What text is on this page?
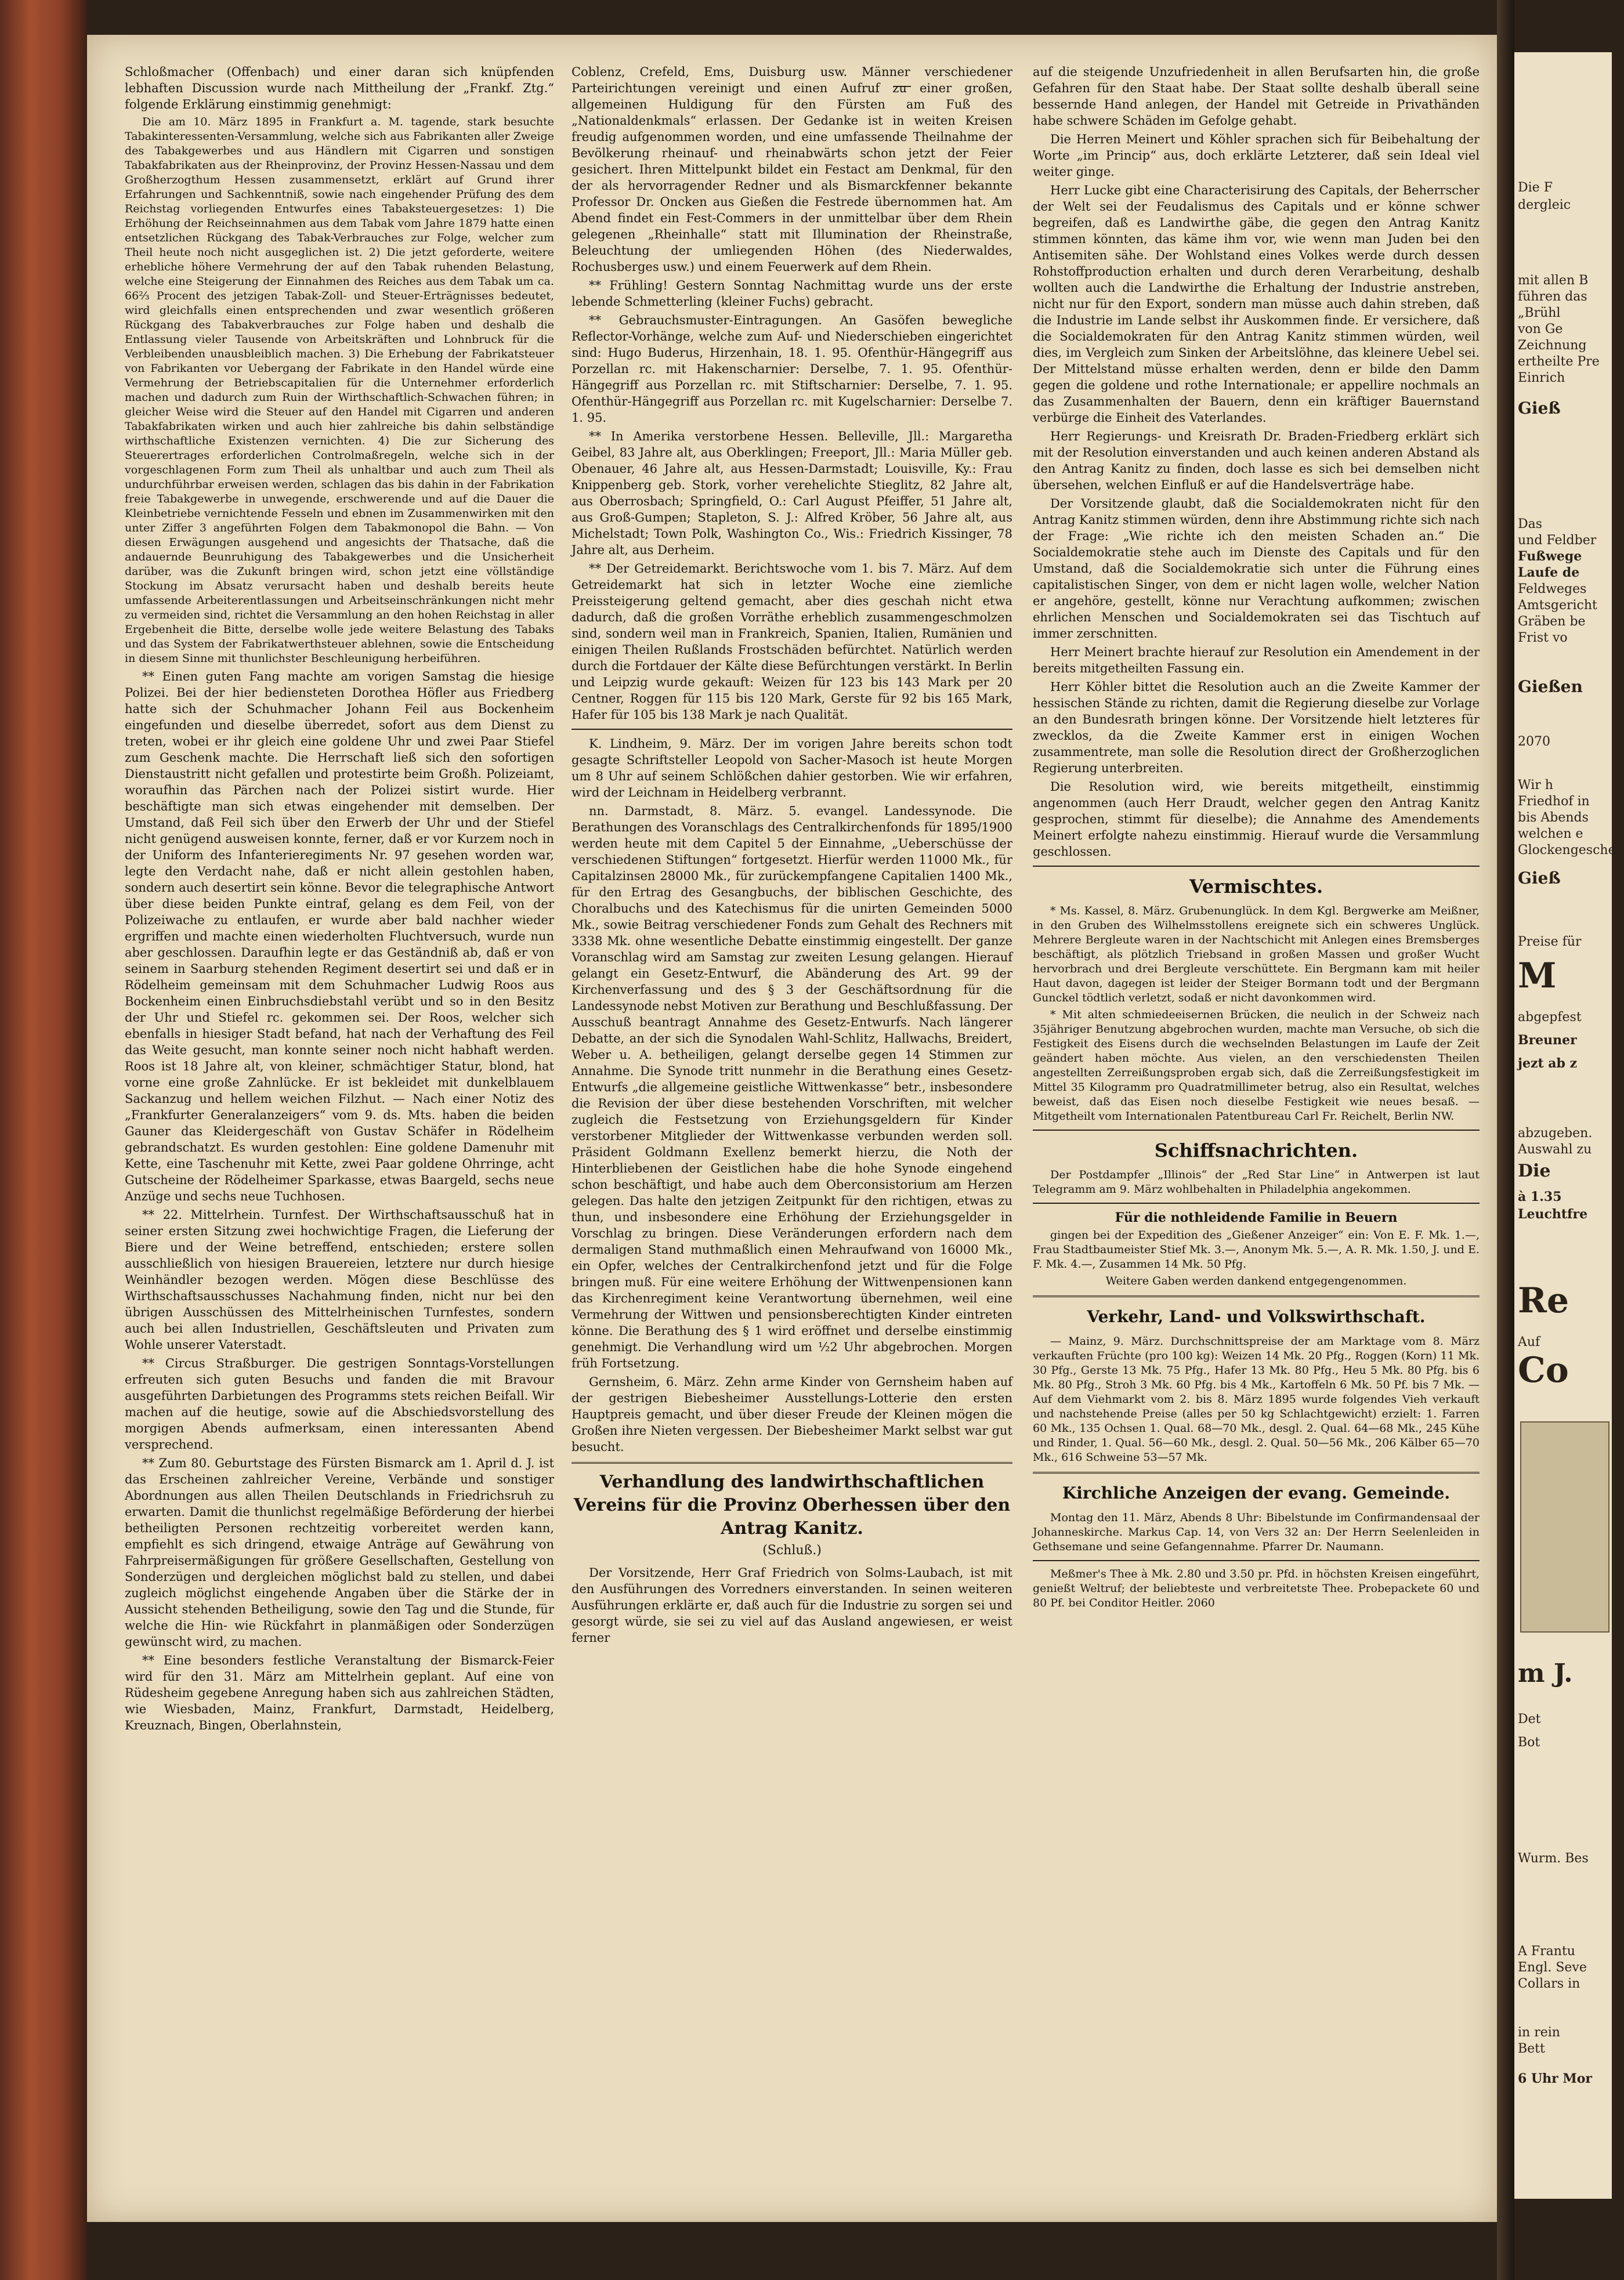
Schloßmacher (Offenbach) und einer daran sich knüpfenden lebhaften Discussion wurde nach Mittheilung der „Frankf. Ztg.“ folgende Erklärung einstimmig genehmigt:

Die am 10. März 1895 in Frankfurt a. M. tagende, stark besuchte Tabakinteressenten-Versammlung, welche sich aus Fabrikanten aller Zweige des Tabakgewerbes und aus Händlern mit Cigarren und sonstigen Tabakfabrikaten aus der Rheinprovinz, der Provinz Hessen-Nassau und dem Großherzogthum Hessen zusammensetzt, erklärt auf Grund ihrer Erfahrungen und Sachkenntniß, sowie nach eingehender Prüfung des dem Reichstag vorliegenden Entwurfes eines Tabaksteuergesetzes: 1) Die Erhöhung der Reichseinnahmen aus dem Tabak vom Jahre 1879 hatte einen entsetzlichen Rückgang des Tabak-Verbrauches zur Folge, welcher zum Theil heute noch nicht ausgeglichen ist. 2) Die jetzt geforderte, weitere erhebliche höhere Vermehrung der auf den Tabak ruhenden Belastung, welche eine Steigerung der Einnahmen des Reiches aus dem Tabak um ca. 66⅔ Procent des jetzigen Tabak-Zoll- und Steuer-Erträgnisses bedeutet, wird gleichfalls einen entsprechenden und zwar wesentlich größeren Rückgang des Tabakverbrauches zur Folge haben und deshalb die Entlassung vieler Tausende von Arbeitskräften und Lohnbruck für die Verbleibenden unausbleiblich machen. 3) Die Erhebung der Fabrikatsteuer von Fabrikanten vor Uebergang der Fabrikate in den Handel würde eine Vermehrung der Betriebscapitalien für die Unternehmer erforderlich machen und dadurch zum Ruin der Wirthschaftlich-Schwachen führen; in gleicher Weise wird die Steuer auf den Handel mit Cigarren und anderen Tabakfabrikaten wirken und auch hier zahlreiche bis dahin selbständige wirthschaftliche Existenzen vernichten. 4) Die zur Sicherung des Steuerertrages erforderlichen Controlmaßregeln, welche sich in der vorgeschlagenen Form zum Theil als unhaltbar und auch zum Theil als undurchführbar erweisen werden, schlagen das bis dahin in der Fabrikation freie Tabakgewerbe in unwegende, erschwerende und auf die Dauer die Kleinbetriebe vernichtende Fesseln und ebnen im Zusammenwirken mit den unter Ziffer 3 angeführten Folgen dem Tabakmonopol die Bahn. — Von diesen Erwägungen ausgehend und angesichts der Thatsache, daß die andauernde Beunruhigung des Tabakgewerbes und die Unsicherheit darüber, was die Zukunft bringen wird, schon jetzt eine völlständige Stockung im Absatz verursacht haben und deshalb bereits heute umfassende Arbeiterentlassungen und Arbeitseinschränkungen nicht mehr zu vermeiden sind, richtet die Versammlung an den hohen Reichstag in aller Ergebenheit die Bitte, derselbe wolle jede weitere Belastung des Tabaks und das System der Fabrikatwerthsteuer ablehnen, sowie die Entscheidung in diesem Sinne mit thunlichster Beschleunigung herbeiführen.

** Einen guten Fang machte am vorigen Samstag die hiesige Polizei. Bei der hier bediensteten Dorothea Höfler aus Friedberg hatte sich der Schuhmacher Johann Feil aus Bockenheim eingefunden und dieselbe überredet, sofort aus dem Dienst zu treten, wobei er ihr gleich eine goldene Uhr und zwei Paar Stiefel zum Geschenk machte. Die Herrschaft ließ sich den sofortigen Dienstaustritt nicht gefallen und protestirte beim Großh. Polizeiamt, woraufhin das Pärchen nach der Polizei sistirt wurde. Hier beschäftigte man sich etwas eingehender mit demselben. Der Umstand, daß Feil sich über den Erwerb der Uhr und der Stiefel nicht genügend ausweisen konnte, ferner, daß er vor Kurzem noch in der Uniform des Infanterieregiments Nr. 97 gesehen worden war, legte den Verdacht nahe, daß er nicht allein gestohlen haben, sondern auch desertirt sein könne. Bevor die telegraphische Antwort über diese beiden Punkte eintraf, gelang es dem Feil, von der Polizeiwache zu entlaufen, er wurde aber bald nachher wieder ergriffen und machte einen wiederholten Fluchtversuch, wurde nun aber geschlossen. Daraufhin legte er das Geständniß ab, daß er von seinem in Saarburg stehenden Regiment desertirt sei und daß er in Rödelheim gemeinsam mit dem Schuhmacher Ludwig Roos aus Bockenheim einen Einbruchsdiebstahl verübt und so in den Besitz der Uhr und Stiefel rc. gekommen sei. Der Roos, welcher sich ebenfalls in hiesiger Stadt befand, hat nach der Verhaftung des Feil das Weite gesucht, man konnte seiner noch nicht habhaft werden. Roos ist 18 Jahre alt, von kleiner, schmächtiger Statur, blond, hat vorne eine große Zahnlücke. Er ist bekleidet mit dunkelblauem Sackanzug und hellem weichen Filzhut. — Nach einer Notiz des „Frankfurter Generalanzeigers“ vom 9. ds. Mts. haben die beiden Gauner das Kleidergeschäft von Gustav Schäfer in Rödelheim gebrandschatzt. Es wurden gestohlen: Eine goldene Damenuhr mit Kette, eine Taschenuhr mit Kette, zwei Paar goldene Ohrringe, acht Gutscheine der Rödelheimer Sparkasse, etwas Baargeld, sechs neue Anzüge und sechs neue Tuchhosen.

** 22. Mittelrhein. Turnfest. Der Wirthschaftsausschuß hat in seiner ersten Sitzung zwei hochwichtige Fragen, die Lieferung der Biere und der Weine betreffend, entschieden; erstere sollen ausschließlich von hiesigen Brauereien, letztere nur durch hiesige Weinhändler bezogen werden. Mögen diese Beschlüsse des Wirthschaftsausschusses Nachahmung finden, nicht nur bei den übrigen Ausschüssen des Mittelrheinischen Turnfestes, sondern auch bei allen Industriellen, Geschäftsleuten und Privaten zum Wohle unserer Vaterstadt.

** Circus Straßburger. Die gestrigen Sonntags-Vorstellungen erfreuten sich guten Besuchs und fanden die mit Bravour ausgeführten Darbietungen des Programms stets reichen Beifall. Wir machen auf die heutige, sowie auf die Abschiedsvorstellung des morgigen Abends aufmerksam, einen interessanten Abend versprechend.

** Zum 80. Geburtstage des Fürsten Bismarck am 1. April d. J. ist das Erscheinen zahlreicher Vereine, Verbände und sonstiger Abordnungen aus allen Theilen Deutschlands in Friedrichsruh zu erwarten. Damit die thunlichst regelmäßige Beförderung der hierbei betheiligten Personen rechtzeitig vorbereitet werden kann, empfiehlt es sich dringend, etwaige Anträge auf Gewährung von Fahrpreisermäßigungen für größere Gesellschaften, Gestellung von Sonderzügen und dergleichen möglichst bald zu stellen, und dabei zugleich möglichst eingehende Angaben über die Stärke der in Aussicht stehenden Betheiligung, sowie den Tag und die Stunde, für welche die Hin- wie Rückfahrt in planmäßigen oder Sonderzügen gewünscht wird, zu machen.

** Eine besonders festliche Veranstaltung der Bismarck-Feier wird für den 31. März am Mittelrhein geplant. Auf eine von Rüdesheim gegebene Anregung haben sich aus zahlreichen Städten, wie Wiesbaden, Mainz, Frankfurt, Darmstadt, Heidelberg, Kreuznach, Bingen, Oberlahnstein,

Coblenz, Crefeld, Ems, Duisburg usw. Männer verschiedener Parteirichtungen vereinigt und einen Aufruf zu einer großen, allgemeinen Huldigung für den Fürsten am Fuß des „Nationaldenkmals“ erlassen. Der Gedanke ist in weiten Kreisen freudig aufgenommen worden, und eine umfassende Theilnahme der Bevölkerung rheinauf- und rheinabwärts schon jetzt der Feier gesichert. Ihren Mittelpunkt bildet ein Festact am Denkmal, für den der als hervorragender Redner und als Bismarckfenner bekannte Professor Dr. Oncken aus Gießen die Festrede übernommen hat. Am Abend findet ein Fest-Commers in der unmittelbar über dem Rhein gelegenen „Rheinhalle“ statt mit Illumination der Rheinstraße, Beleuchtung der umliegenden Höhen (des Niederwaldes, Rochusberges usw.) und einem Feuerwerk auf dem Rhein.

** Frühling! Gestern Sonntag Nachmittag wurde uns der erste lebende Schmetterling (kleiner Fuchs) gebracht.

** Gebrauchsmuster-Eintragungen. An Gasöfen bewegliche Reflector-Vorhänge, welche zum Auf- und Niederschieben eingerichtet sind: Hugo Buderus, Hirzenhain, 18. 1. 95. Ofenthür-Hängegriff aus Porzellan rc. mit Hakenscharnier: Derselbe, 7. 1. 95. Ofenthür-Hängegriff aus Porzellan rc. mit Stiftscharnier: Derselbe, 7. 1. 95. Ofenthür-Hängegriff aus Porzellan rc. mit Kugelscharnier: Derselbe 7. 1. 95.

** In Amerika verstorbene Hessen. Belleville, Jll.: Margaretha Geibel, 83 Jahre alt, aus Oberklingen; Freeport, Jll.: Maria Müller geb. Obenauer, 46 Jahre alt, aus Hessen-Darmstadt; Louisville, Ky.: Frau Knippenberg geb. Stork, vorher verehelichte Stieglitz, 82 Jahre alt, aus Oberrosbach; Springfield, O.: Carl August Pfeiffer, 51 Jahre alt, aus Groß-Gumpen; Stapleton, S. J.: Alfred Kröber, 56 Jahre alt, aus Michelstadt; Town Polk, Washington Co., Wis.: Friedrich Kissinger, 78 Jahre alt, aus Derheim.

** Der Getreidemarkt. Berichtswoche vom 1. bis 7. März. Auf dem Getreidemarkt hat sich in letzter Woche eine ziemliche Preissteigerung geltend gemacht, aber dies geschah nicht etwa dadurch, daß die großen Vorräthe erheblich zusammengeschmolzen sind, sondern weil man in Frankreich, Spanien, Italien, Rumänien und einigen Theilen Rußlands Frostschäden befürchtet. Natürlich werden durch die Fortdauer der Kälte diese Befürchtungen verstärkt. In Berlin und Leipzig wurde gekauft: Weizen für 123 bis 143 Mark per 20 Centner, Roggen für 115 bis 120 Mark, Gerste für 92 bis 165 Mark, Hafer für 105 bis 138 Mark je nach Qualität.

K. Lindheim, 9. März. Der im vorigen Jahre bereits schon todt gesagte Schriftsteller Leopold von Sacher-Masoch ist heute Morgen um 8 Uhr auf seinem Schlößchen dahier gestorben. Wie wir erfahren, wird der Leichnam in Heidelberg verbrannt.

nn. Darmstadt, 8. März. 5. evangel. Landessynode. Die Berathungen des Voranschlags des Centralkirchenfonds für 1895/1900 werden heute mit dem Capitel 5 der Einnahme, „Ueberschüsse der verschiedenen Stiftungen“ fortgesetzt. Hierfür werden 11000 Mk., für Capitalzinsen 28000 Mk., für zurückempfangene Capitalien 1400 Mk., für den Ertrag des Gesangbuchs, der biblischen Geschichte, des Choralbuchs und des Katechismus für die unirten Gemeinden 5000 Mk., sowie Beitrag verschiedener Fonds zum Gehalt des Rechners mit 3338 Mk. ohne wesentliche Debatte einstimmig eingestellt. Der ganze Voranschlag wird am Samstag zur zweiten Lesung gelangen. Hierauf gelangt ein Gesetz-Entwurf, die Abänderung des Art. 99 der Kirchenverfassung und des § 3 der Geschäftsordnung für die Landessynode nebst Motiven zur Berathung und Beschlußfassung. Der Ausschuß beantragt Annahme des Gesetz-Entwurfs. Nach längerer Debatte, an der sich die Synodalen Wahl-Schlitz, Hallwachs, Breidert, Weber u. A. betheiligen, gelangt derselbe gegen 14 Stimmen zur Annahme. Die Synode tritt nunmehr in die Berathung eines Gesetz-Entwurfs „die allgemeine geistliche Wittwenkasse“ betr., insbesondere die Revision der über diese bestehenden Vorschriften, mit welcher zugleich die Festsetzung von Erziehungsgeldern für Kinder verstorbener Mitglieder der Wittwenkasse verbunden werden soll. Präsident Goldmann Exellenz bemerkt hierzu, die Noth der Hinterbliebenen der Geistlichen habe die hohe Synode eingehend schon beschäftigt, und habe auch dem Oberconsistorium am Herzen gelegen. Das halte den jetzigen Zeitpunkt für den richtigen, etwas zu thun, und insbesondere eine Erhöhung der Erziehungsgelder in Vorschlag zu bringen. Diese Veränderungen erfordern nach dem dermaligen Stand muthmaßlich einen Mehraufwand von 16000 Mk., ein Opfer, welches der Centralkirchenfond jetzt und für die Folge bringen muß. Für eine weitere Erhöhung der Wittwenpensionen kann das Kirchenregiment keine Verantwortung übernehmen, weil eine Vermehrung der Wittwen und pensionsberechtigten Kinder eintreten könne. Die Berathung des § 1 wird eröffnet und derselbe einstimmig genehmigt. Die Verhandlung wird um ½2 Uhr abgebrochen. Morgen früh Fortsetzung.

Gernsheim, 6. März. Zehn arme Kinder von Gernsheim haben auf der gestrigen Biebesheimer Ausstellungs-Lotterie den ersten Hauptpreis gemacht, und über dieser Freude der Kleinen mögen die Großen ihre Nieten vergessen. Der Biebesheimer Markt selbst war gut besucht.

Verhandlung des landwirthschaftlichen Vereins für die Provinz Oberhessen über den Antrag Kanitz.
(Schluß.)

Der Vorsitzende, Herr Graf Friedrich von Solms-Laubach, ist mit den Ausführungen des Vorredners einverstanden. In seinen weiteren Ausführungen erklärte er, daß auch für die Industrie zu sorgen sei und gesorgt würde, sie sei zu viel auf das Ausland angewiesen, er weist ferner

auf die steigende Unzufriedenheit in allen Berufsarten hin, die große Gefahren für den Staat habe. Der Staat sollte deshalb überall seine bessernde Hand anlegen, der Handel mit Getreide in Privathänden habe schwere Schäden im Gefolge gehabt.

Die Herren Meinert und Köhler sprachen sich für Beibehaltung der Worte „im Princip“ aus, doch erklärte Letzterer, daß sein Ideal viel weiter ginge.

Herr Lucke gibt eine Characterisirung des Capitals, der Beherrscher der Welt sei der Feudalismus des Capitals und er könne schwer begreifen, daß es Landwirthe gäbe, die gegen den Antrag Kanitz stimmen könnten, das käme ihm vor, wie wenn man Juden bei den Antisemiten sähe. Der Wohlstand eines Volkes werde durch dessen Rohstoffproduction erhalten und durch deren Verarbeitung, deshalb wollten auch die Landwirthe die Erhaltung der Industrie anstreben, nicht nur für den Export, sondern man müsse auch dahin streben, daß die Industrie im Lande selbst ihr Auskommen finde. Er versichere, daß die Socialdemokraten für den Antrag Kanitz stimmen würden, weil dies, im Vergleich zum Sinken der Arbeitslöhne, das kleinere Uebel sei. Der Mittelstand müsse erhalten werden, denn er bilde den Damm gegen die goldene und rothe Internationale; er appellire nochmals an das Zusammenhalten der Bauern, denn ein kräftiger Bauernstand verbürge die Einheit des Vaterlandes.

Herr Regierungs- und Kreisrath Dr. Braden-Friedberg erklärt sich mit der Resolution einverstanden und auch keinen anderen Abstand als den Antrag Kanitz zu finden, doch lasse es sich bei demselben nicht übersehen, welchen Einfluß er auf die Handelsverträge habe.

Der Vorsitzende glaubt, daß die Socialdemokraten nicht für den Antrag Kanitz stimmen würden, denn ihre Abstimmung richte sich nach der Frage: „Wie richte ich den meisten Schaden an.“ Die Socialdemokratie stehe auch im Dienste des Capitals und für den Umstand, daß die Socialdemokratie sich unter die Führung eines capitalistischen Singer, von dem er nicht lagen wolle, welcher Nation er angehöre, gestellt, könne nur Verachtung aufkommen; zwischen ehrlichen Menschen und Socialdemokraten sei das Tischtuch auf immer zerschnitten.

Herr Meinert brachte hierauf zur Resolution ein Amendement in der bereits mitgetheilten Fassung ein.

Herr Köhler bittet die Resolution auch an die Zweite Kammer der hessischen Stände zu richten, damit die Regierung dieselbe zur Vorlage an den Bundesrath bringen könne. Der Vorsitzende hielt letzteres für zwecklos, da die Zweite Kammer erst in einigen Wochen zusammentrete, man solle die Resolution direct der Großherzoglichen Regierung unterbreiten.

Die Resolution wird, wie bereits mitgetheilt, einstimmig angenommen (auch Herr Draudt, welcher gegen den Antrag Kanitz gesprochen, stimmt für dieselbe); die Annahme des Amendements Meinert erfolgte nahezu einstimmig. Hierauf wurde die Versammlung geschlossen.

Vermischtes.

* Ms. Kassel, 8. März. Grubenunglück. In dem Kgl. Bergwerke am Meißner, in den Gruben des Wilhelmsstollens ereignete sich ein schweres Unglück. Mehrere Bergleute waren in der Nachtschicht mit Anlegen eines Bremsberges beschäftigt, als plötzlich Triebsand in großen Massen und großer Wucht hervorbrach und drei Bergleute verschüttete. Ein Bergmann kam mit heiler Haut davon, dagegen ist leider der Steiger Bormann todt und der Bergmann Gunckel tödtlich verletzt, sodaß er nicht davonkommen wird.

* Mit alten schmiedeeisernen Brücken, die neulich in der Schweiz nach 35jähriger Benutzung abgebrochen wurden, machte man Versuche, ob sich die Festigkeit des Eisens durch die wechselnden Belastungen im Laufe der Zeit geändert haben möchte. Aus vielen, an den verschiedensten Theilen angestellten Zerreißungsproben ergab sich, daß die Zerreißungsfestigkeit im Mittel 35 Kilogramm pro Quadratmillimeter betrug, also ein Resultat, welches beweist, daß das Eisen noch dieselbe Festigkeit wie neues besaß. — Mitgetheilt vom Internationalen Patentbureau Carl Fr. Reichelt, Berlin NW.

Schiffsnachrichten.

Der Postdampfer „Illinois“ der „Red Star Line“ in Antwerpen ist laut Telegramm am 9. März wohlbehalten in Philadelphia angekommen.

Für die nothleidende Familie in Beuern

gingen bei der Expedition des „Gießener Anzeiger“ ein: Von E. F. Mk. 1.—, Frau Stadtbaumeister Stief Mk. 3.—, Anonym Mk. 5.—, A. R. Mk. 1.50, J. und E. F. Mk. 4.—, Zusammen 14 Mk. 50 Pfg.

Weitere Gaben werden dankend entgegengenommen.

Verkehr, Land- und Volkswirthschaft.

— Mainz, 9. März. Durchschnittspreise der am Marktage vom 8. März verkauften Früchte (pro 100 kg): Weizen 14 Mk. 20 Pfg., Roggen (Korn) 11 Mk. 30 Pfg., Gerste 13 Mk. 75 Pfg., Hafer 13 Mk. 80 Pfg., Heu 5 Mk. 80 Pfg. bis 6 Mk. 80 Pfg., Stroh 3 Mk. 60 Pfg. bis 4 Mk., Kartoffeln 6 Mk. 50 Pf. bis 7 Mk. — Auf dem Viehmarkt vom 2. bis 8. März 1895 wurde folgendes Vieh verkauft und nachstehende Preise (alles per 50 kg Schlachtgewicht) erzielt: 1. Farren 60 Mk., 135 Ochsen 1. Qual. 68—70 Mk., desgl. 2. Qual. 64—68 Mk., 245 Kühe und Rinder, 1. Qual. 56—60 Mk., desgl. 2. Qual. 50—56 Mk., 206 Kälber 65—70 Mk., 616 Schweine 53—57 Mk.

Kirchliche Anzeigen der evang. Gemeinde.

Montag den 11. März, Abends 8 Uhr: Bibelstunde im Confirmandensaal der Johanneskirche. Markus Cap. 14, von Vers 32 an: Der Herrn Seelenleiden in Gethsemane und seine Gefangennahme. Pfarrer Dr. Naumann.

Meßmer's Thee à Mk. 2.80 und 3.50 pr. Pfd. in höchsten Kreisen eingeführt, genießt Weltruf; der beliebteste und verbreitetste Thee. Probepackete 60 und 80 Pf. bei Conditor Heitler. 2060

Die F
dergleic
mit allen B
führen das
„Brühl
von Ge
Zeichnung
ertheilte Pre
Einrich
Gieß
Das
und Feldber
Fußwege
Laufe de
Feldweges
Amtsgericht
Gräben be
Frist vo
Gießen
2070
Wir h
Friedhof in
bis Abends
welchen e
Glockengeschen
Gieß
Preise für
M
abgepfest
Breuner
jezt ab z
abzugeben.
Auswahl zu
Die
à 1.35
Leuchtfre
Re
Auf
Co
m J.
Det
Bot
Wurm. Bes
A Frantu
Engl. Seve
Collars in
in rein
Bett
6 Uhr Mor
